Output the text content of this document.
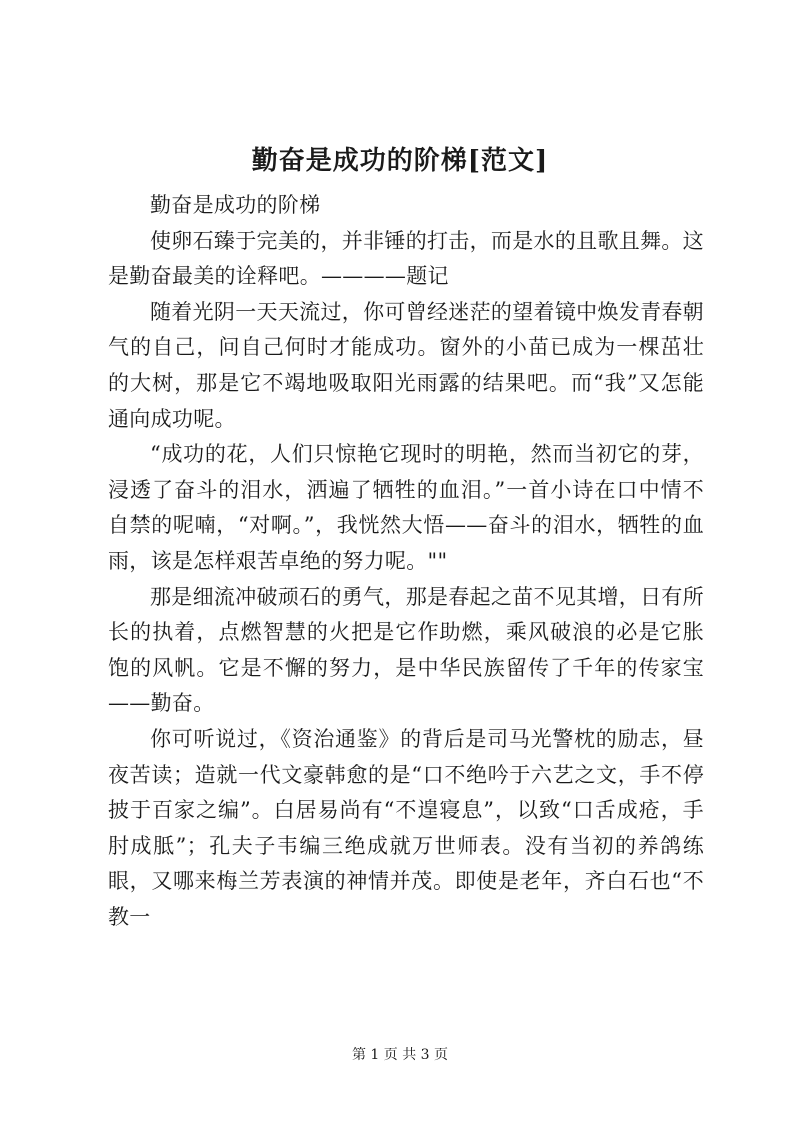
勤奋是成功的阶梯[范文]

勤奋是成功的阶梯

使卵石臻于完美的，并非锤的打击，而是水的且歌且舞。这是勤奋最美的诠释吧。————题记

随着光阴一天天流过，你可曾经迷茫的望着镜中焕发青春朝气的自己，问自己何时才能成功。窗外的小苗已成为一棵茁壮的大树，那是它不竭地吸取阳光雨露的结果吧。而“我”又怎能通向成功呢。

“成功的花，人们只惊艳它现时的明艳，然而当初它的芽，浸透了奋斗的泪水，洒遍了牺牲的血泪。”一首小诗在口中情不自禁的呢喃，“对啊。”，我恍然大悟——奋斗的泪水，牺牲的血雨，该是怎样艰苦卓绝的努力呢。""

那是细流冲破顽石的勇气，那是春起之苗不见其增，日有所长的执着，点燃智慧的火把是它作助燃，乘风破浪的必是它胀饱的风帆。它是不懈的努力，是中华民族留传了千年的传家宝——勤奋。

你可听说过，《资治通鉴》的背后是司马光警枕的励志，昼夜苦读；造就一代文豪韩愈的是“口不绝吟于六艺之文，手不停披于百家之编”。白居易尚有“不遑寝息”，以致“口舌成疮，手肘成胝”；孔夫子韦编三绝成就万世师表。没有当初的养鸽练眼，又哪来梅兰芳表演的神情并茂。即使是老年，齐白石也“不教一

第 1 页 共 3 页
